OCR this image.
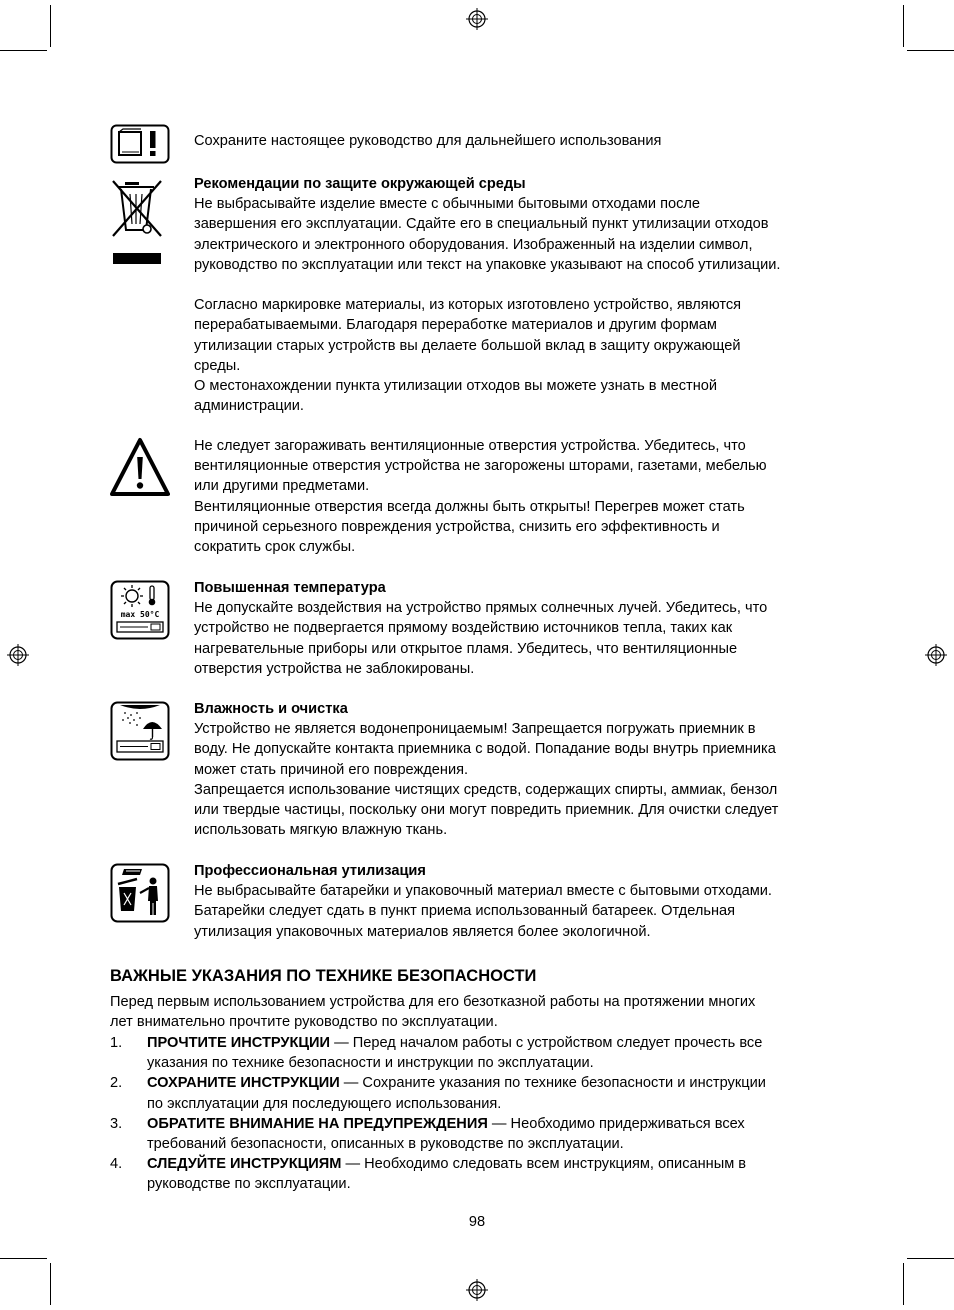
max 50°C

Сохраните настоящее руководство для дальнейшего использования

Рекомендации по защите окружающей среды

Не выбрасывайте изделие вместе с обычными бытовыми отходами после

завершения его эксплуатации. Сдайте его в специальный пункт утилизации отходов

электрического и электронного оборудования. Изображенный на изделии символ,

руководство по эксплуатации или текст на упаковке указывают на способ утилизации.

Согласно маркировке материалы, из которых изготовлено устройство, являются

перерабатываемыми. Благодаря переработке материалов и другим формам

утилизации старых устройств вы делаете большой вклад в защиту окружающей

среды.

О местонахождении пункта утилизации отходов вы можете узнать в местной

администрации.

Не следует загораживать вентиляционные отверстия устройства. Убедитесь, что

вентиляционные отверстия устройства не загорожены шторами, газетами, мебелью

или другими предметами.

Вентиляционные отверстия всегда должны быть открыты! Перегрев может стать

причиной серьезного повреждения устройства, снизить его эффективность и

сократить срок службы.

Повышенная температура

Не допускайте воздействия на устройство прямых солнечных лучей. Убедитесь, что

устройство не подвергается прямому воздействию источников тепла, таких как

нагревательные приборы или открытое пламя. Убедитесь, что вентиляционные

отверстия устройства не заблокированы.

Влажность и очистка

Устройство не является водонепроницаемым! Запрещается погружать приемник в

воду. Не допускайте контакта приемника с водой. Попадание воды внутрь приемника

может стать причиной его повреждения.

Запрещается использование чистящих средств, содержащих спирты, аммиак, бензол

или твердые частицы, поскольку они могут повредить приемник. Для очистки следует

использовать мягкую влажную ткань.

Профессиональная утилизация

Не выбрасывайте батарейки и упаковочный материал вместе с бытовыми отходами.

Батарейки следует сдать в пункт приема использованный батареек. Отдельная

утилизация упаковочных материалов является более экологичной.

ВАЖНЫЕ УКАЗАНИЯ ПО ТЕХНИКЕ БЕЗОПАСНОСТИ
Перед первым использованием устройства для его безотказной работы на протяжении многих
лет внимательно прочтите руководство по эксплуатации.
1. ПРОЧТИТЕ ИНСТРУКЦИИ — Перед началом работы с устройством следует прочесть все
указания по технике безопасности и инструкции по эксплуатации.
2. СОХРАНИТЕ ИНСТРУКЦИИ — Сохраните указания по технике безопасности и инструкции
по эксплуатации для последующего использования.
3. ОБРАТИТЕ ВНИМАНИЕ НА ПРЕДУПРЕЖДЕНИЯ — Необходимо придерживаться всех
требований безопасности, описанных в руководстве по эксплуатации.
4. СЛЕДУЙТЕ ИНСТРУКЦИЯМ — Необходимо следовать всем инструкциям, описанным в
руководстве по эксплуатации.
98
